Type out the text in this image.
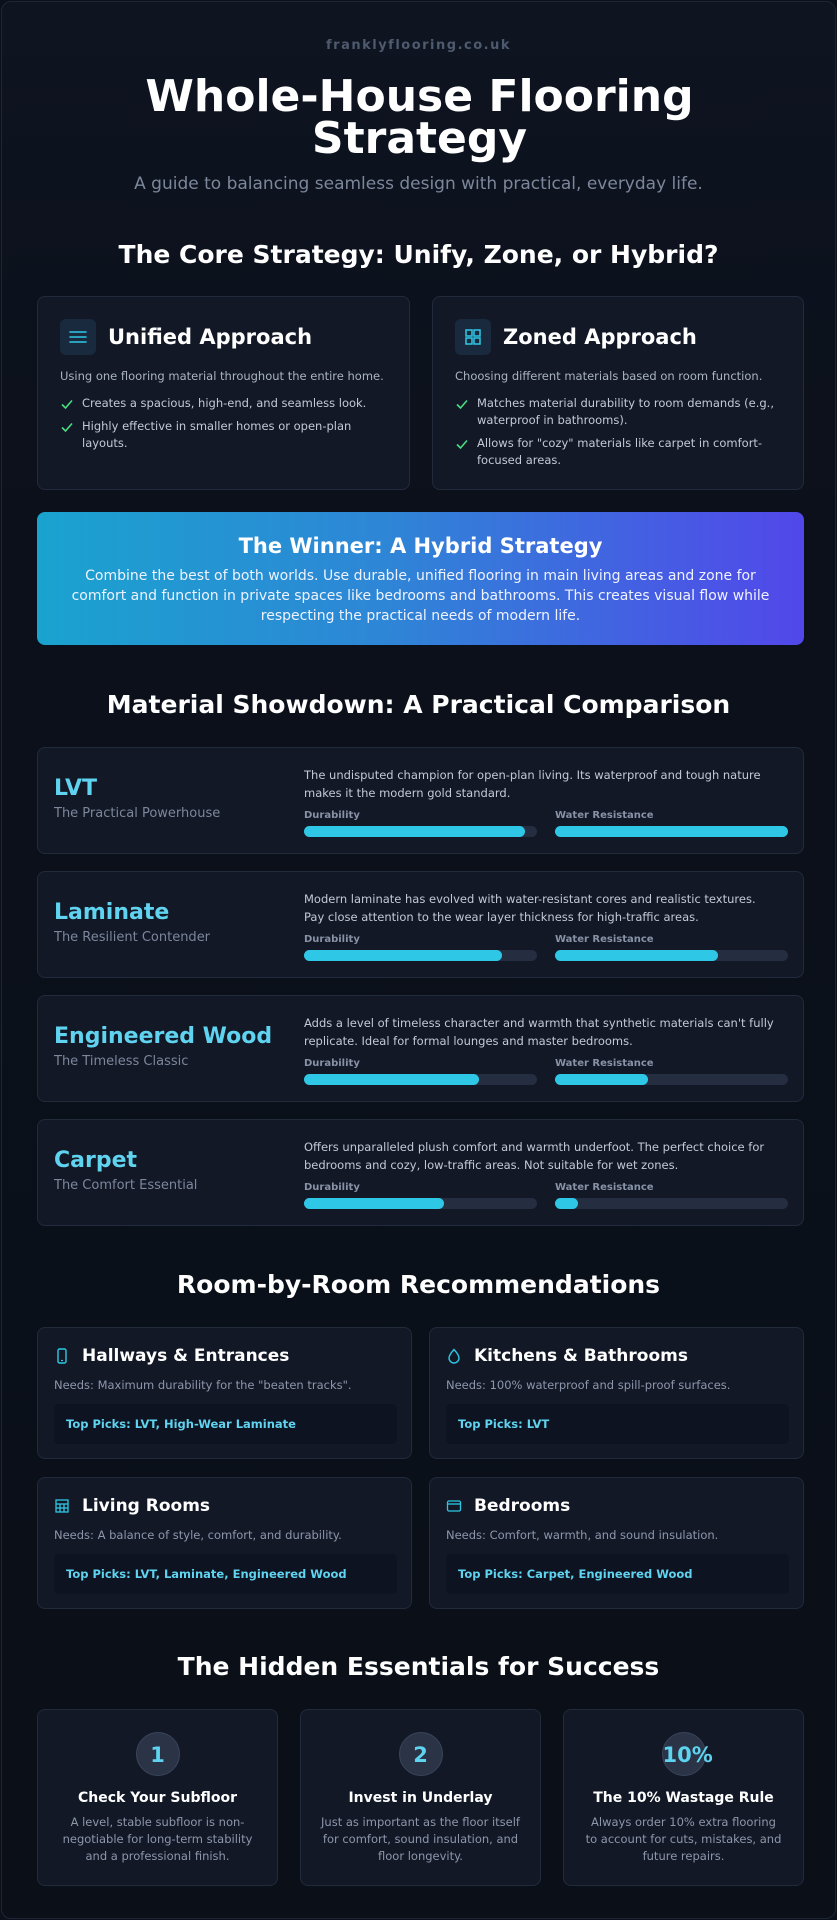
franklyflooring.co.uk
Whole-House Flooring Strategy
A guide to balancing seamless design with practical, everyday life.
The Core Strategy: Unify, Zone, or Hybrid?
Unified Approach
Using one flooring material throughout the entire home.
Creates a spacious, high-end, and seamless look.
Highly effective in smaller homes or open-plan layouts.
Zoned Approach
Choosing different materials based on room function.
Matches material durability to room demands (e.g., waterproof in bathrooms).
Allows for "cozy" materials like carpet in comfort-focused areas.
The Winner: A Hybrid Strategy

Combine the best of both worlds. Use durable, unified flooring in main living areas and zone for comfort and function in private spaces like bedrooms and bathrooms. This creates visual flow while respecting the practical needs of modern life.

Material Showdown: A Practical Comparison
LVT
The Practical Powerhouse
The undisputed champion for open-plan living. Its waterproof and tough nature makes it the modern gold standard.
Durability	Water Resistance
Laminate
The Resilient Contender
Modern laminate has evolved with water-resistant cores and realistic textures. Pay close attention to the wear layer thickness for high-traffic areas.
Durability	Water Resistance
Engineered Wood
The Timeless Classic
Adds a level of timeless character and warmth that synthetic materials can't fully replicate. Ideal for formal lounges and master bedrooms.
Durability	Water Resistance
Carpet
The Comfort Essential
Offers unparalleled plush comfort and warmth underfoot. The perfect choice for bedrooms and cozy, low-traffic areas. Not suitable for wet zones.
Durability	Water Resistance
Room-by-Room Recommendations
Hallways & Entrances
Needs: Maximum durability for the "beaten tracks".
Top Picks: LVT, High-Wear Laminate
Kitchens & Bathrooms
Needs: 100% waterproof and spill-proof surfaces.
Top Picks: LVT
Living Rooms
Needs: A balance of style, comfort, and durability.
Top Picks: LVT, Laminate, Engineered Wood
Bedrooms
Needs: Comfort, warmth, and sound insulation.
Top Picks: Carpet, Engineered Wood
The Hidden Essentials for Success
1
Check Your Subfloor

A level, stable subfloor is non-negotiable for long-term stability and a professional finish.

2
Invest in Underlay

Just as important as the floor itself for comfort, sound insulation, and floor longevity.

10%
The 10% Wastage Rule

Always order 10% extra flooring to account for cuts, mistakes, and future repairs.
